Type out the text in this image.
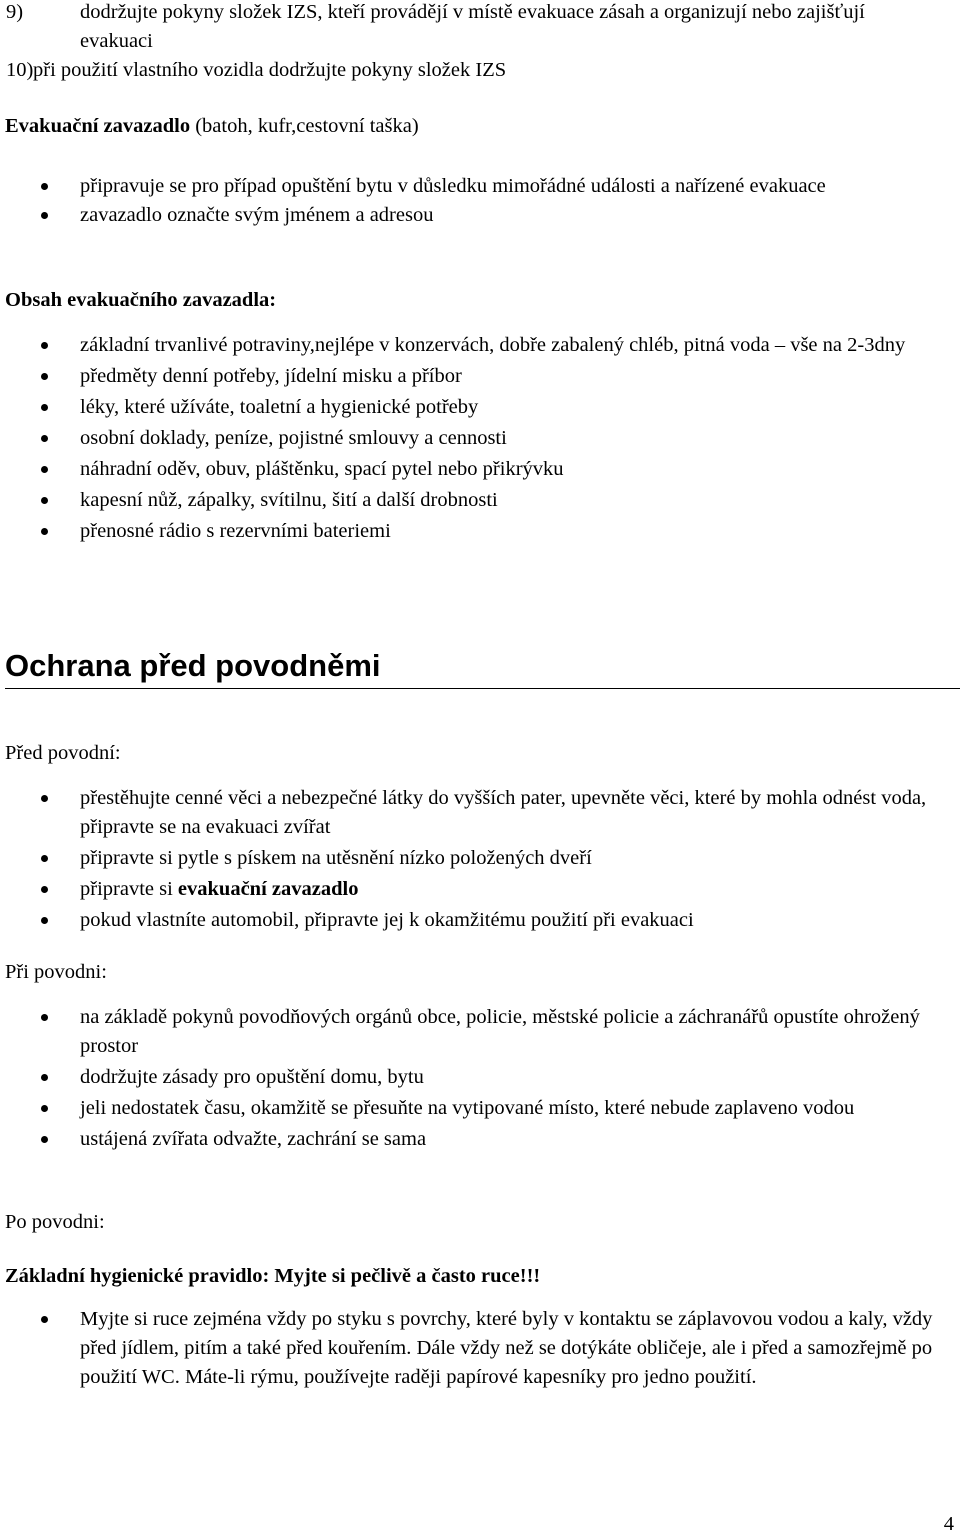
9)	dodržujte pokyny složek IZS, kteří provádějí v místě evakuace zásah a organizují nebo zajišťují evakuaci
10) při použití vlastního vozidla dodržujte pokyny složek IZS
Evakuační zavazadlo (batoh, kufr,cestovní taška)
připravuje se pro případ opuštění bytu v důsledku mimořádné události a nařízené evakuace
zavazadlo označte svým jménem a adresou
Obsah evakuačního zavazadla:
základní trvanlivé potraviny,nejlépe v konzervách, dobře zabalený chléb, pitná voda – vše na 2-3dny
předměty denní potřeby, jídelní misku a příbor
léky, které užíváte, toaletní a hygienické potřeby
osobní doklady, peníze, pojistné smlouvy a cennosti
náhradní oděv, obuv, pláštěnku, spací pytel nebo přikrývku
kapesní nůž, zápalky, svítilnu, šití a další drobnosti
přenosné rádio s rezervními bateriemi
Ochrana před povodněmi
Před povodní:
přestěhujte cenné věci a nebezpečné látky do vyšších pater, upevněte věci, které by mohla odnést voda, připravte se na evakuaci zvířat
připravte si pytle s pískem na utěsnění nízko položených dveří
připravte si evakuační zavazadlo
pokud vlastníte automobil, připravte jej k okamžitému použití při evakuaci
Při povodni:
na základě pokynů povodňových orgánů obce, policie, městské policie a záchranářů opustíte ohrožený prostor
dodržujte zásady pro opuštění domu, bytu
jeli nedostatek času, okamžitě se přesuňte na vytipované místo, které nebude zaplaveno vodou
ustájená zvířata odvažte, zachrání se sama
Po povodni:
Základní hygienické pravidlo: Myjte si pečlivě a často ruce!!!
Myjte si ruce zejména vždy po styku s povrchy, které byly v kontaktu se záplavovou vodou a kaly, vždy před jídlem, pitím a také před kouřením. Dále vždy než se dotýkáte obličeje, ale i před a samozřejmě po použití WC. Máte-li rýmu, používejte raději papírové kapesníky pro jedno použití.
4
